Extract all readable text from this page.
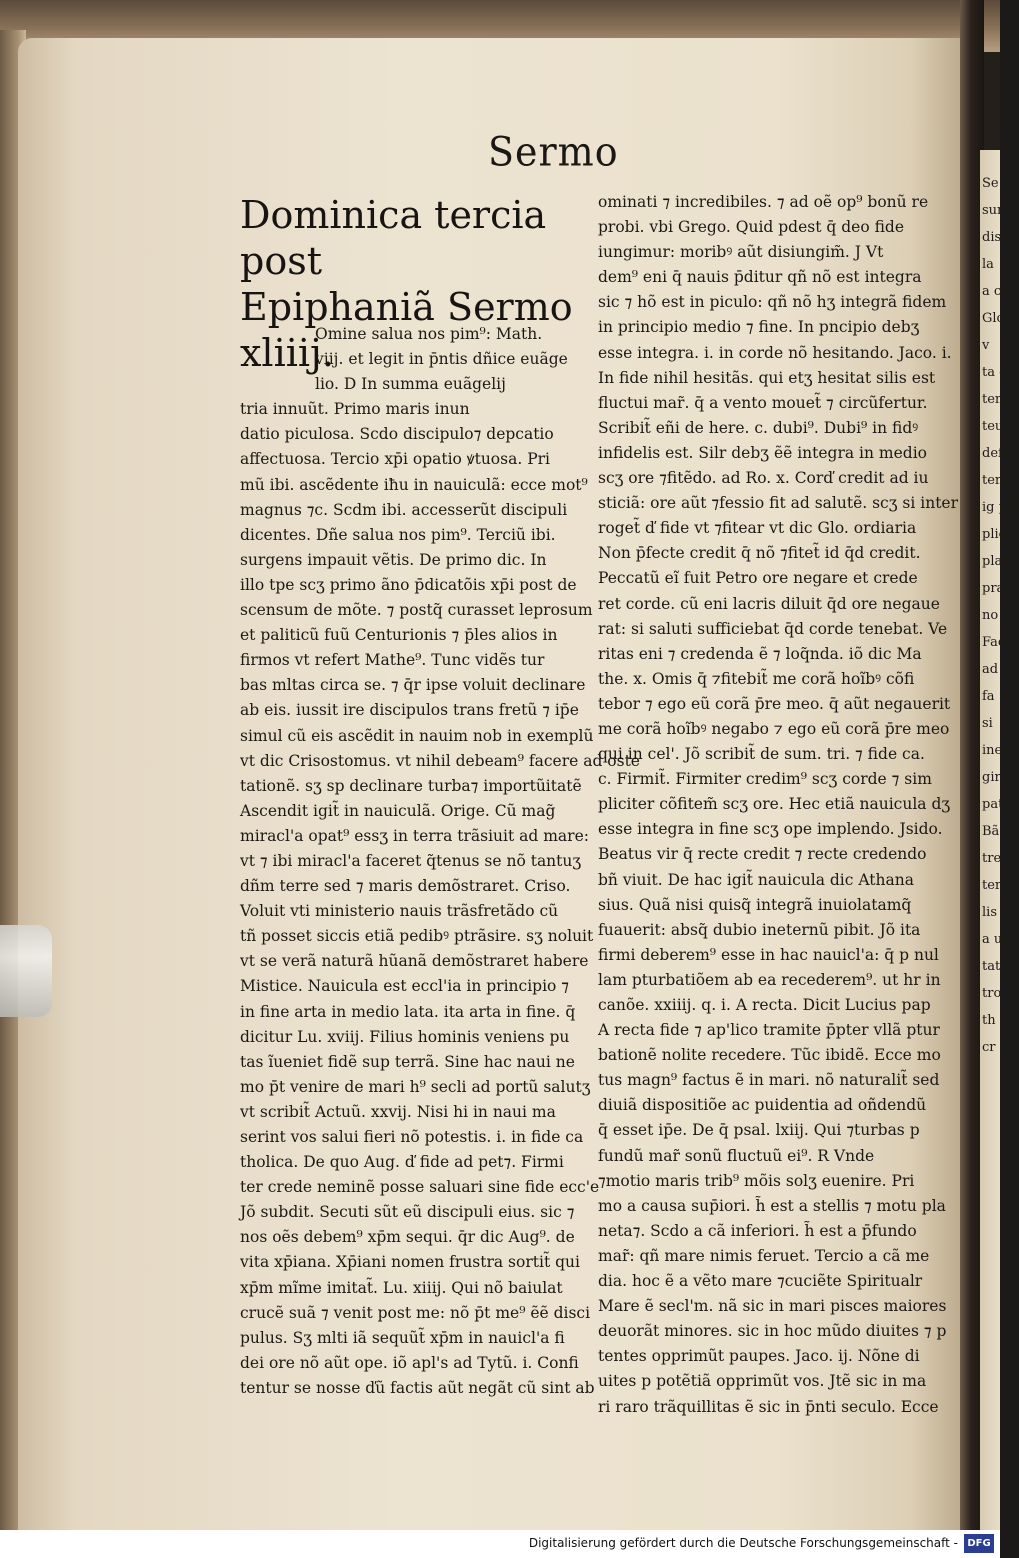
Se
sunt
dis
la
a ca
Glo
v
ta ca
tenc
teu
defo
tent
ig pla
plic
plat
pra
no
Fac
ad
fa
si
ine
gir
pati
Bã
tre
ter
lis
a ut
tat
tro
th
cr
Sermo
Dominica tercia post
Epiphaniã Sermo
xliiij.
Omine salua nos pim⁹: Math.
viij. et legit in p̄ntis dñice euãge
lio. D In summa euãgelij
tria innuũt. Primo maris inun
datio piculosa. Scdo discipulo⁊ depcatio
affectuosa. Tercio xp̄i opatio ꝟtuosa. Pri
mũ ibi. ascẽdente iħu in nauiculã: ecce mot⁹
magnus ⁊c. Scdm ibi. accesserũt discipuli
dicentes. Dñe salua nos pim⁹. Terciũ ibi.
surgens impauit vẽtis. De primo dic. In
illo tpe scʒ primo ãno p̄dicatõis xp̄i post de
scensum de mõte. ⁊ postq̃ curasset leprosum
et paliticũ fuũ Centurionis ⁊ p̄les alios in
firmos vt refert Mathe⁹. Tunc vidẽs tur
bas mltas circa se. ⁊ q̄r ipse voluit declinare
ab eis. iussit ire discipulos trans fretũ ⁊ ip̄e
simul cũ eis ascẽdit in nauim nob in exemplũ
vt dic Crisostomus. vt nihil debeam⁹ facere ad oste
tationẽ. sʒ sp declinare turba⁊ importũitatẽ
Ascendit igit̃ in nauiculã. Orige. Cũ mag̃
miracl'a opat⁹ essʒ in terra trãsiuit ad mare:
vt ⁊ ibi miracl'a faceret q̃tenus se nõ tantuʒ
dñm terre sed ⁊ maris demõstraret. Criso.
Voluit vti ministerio nauis trãsfretãdo cũ
tñ posset siccis etiã pedibꝰ ptrãsire. sʒ noluit
vt se verã naturã hũanã demõstraret habere
Mistice. Nauicula est eccl'ia in principio ⁊
in fine arta in medio lata. ita arta in fine. q̄
dicitur Lu. xviij. Filius hominis veniens pu
tas ĩueniet fidẽ sup terrã. Sine hac naui ne
mo p̄t venire de mari h⁹ secli ad portũ salutʒ
vt scribit̃ Actuũ. xxvij. Nisi hi in naui ma
serint vos salui fieri nõ potestis. i. in fide ca
tholica. De quo Aug. ď fide ad pet⁊. Firmi
ter crede neminẽ posse saluari sine fide ecc'e
Jõ subdit. Secuti sũt eũ discipuli eius. sic ⁊
nos oẽs debem⁹ xp̄m sequi. q̄r dic Aug⁹. de
vita xp̄iana. Xp̄iani nomen frustra sortit̃ qui
xp̄m mĩme imitat̃. Lu. xiiij. Qui nõ baiulat
crucẽ suã ⁊ venit post me: nõ p̄t me⁹ ẽẽ disci
pulus. Sʒ mlti iã sequũt̃ xp̄m in nauicl'a fi
dei ore nõ aũt ope. iõ apl's ad Tytũ. i. Confi
tentur se nosse ďũ factis aũt negãt cũ sint ab
ominati ⁊ incredibiles. ⁊ ad oẽ op⁹ bonũ re
probi. vbi Grego. Quid pdest q̄ deo fide
iungimur: moribꝰ aũt disiungim̃. J Vt
dem⁹ eni q̄ nauis p̄ditur qñ nõ est integra
sic ⁊ hõ est in piculo: qñ nõ hʒ integrã fidem
in principio medio ⁊ fine. In pncipio debʒ
esse integra. i. in corde nõ hesitando. Jaco. i.
In fide nihil hesitãs. qui etʒ hesitat silis est
fluctui mar̃. q̄ a vento mouet̃ ⁊ circũfertur.
Scribit̃ eñi de here. c. dubi⁹. Dubi⁹ in fidꝰ
infidelis est. Silr debʒ ẽẽ integra in medio
scʒ ore ⁊fitẽdo. ad Ro. x. Corď credit ad iu
sticiã: ore aũt ⁊fessio fit ad salutẽ. scʒ si inter
roget̃ ď fide vt ⁊fitear vt dic Glo. ordiaria
Non p̄fecte credit q̄ nõ ⁊fitet̃ id q̄d credit.
Peccatũ eĩ fuit Petro ore negare et crede
ret corde. cũ eni lacris diluit q̄d ore negaue
rat: si saluti sufficiebat q̄d corde tenebat. Ve
ritas eni ⁊ credenda ẽ ⁊ loq̃nda. iõ dic Ma
the. x. Omis q̄ ⁊fitebit̃ me corã hoĩbꝰ cõfi
tebor ⁊ ego eũ corã p̄re meo. q̄ aũt negauerit
me corã hoĩbꝰ negabo ⁊ ego eũ corã p̄re meo
qui in cel'. Jõ scribit̃ de sum. tri. ⁊ fide ca.
c. Firmit̃. Firmiter credim⁹ scʒ corde ⁊ sim
pliciter cõfitem̃ scʒ ore. Hec etiã nauicula dʒ
esse integra in fine scʒ ope implendo. Jsido.
Beatus vir q̄ recte credit ⁊ recte credendo
bñ viuit. De hac igit̃ nauicula dic Athana
sius. Quã nisi quisq̃ integrã inuiolatamq̃
fuauerit: absq̃ dubio ineternũ pibit. Jõ ita
firmi deberem⁹ esse in hac nauicl'a: q̄ p nul
lam pturbatiõem ab ea recederem⁹. ut hr in
canõe. xxiiij. q. i. A recta. Dicit Lucius pap
A recta fide ⁊ ap'lico tramite p̄pter vllã ptur
bationẽ nolite recedere. Tũc ibidẽ. Ecce mo
tus magn⁹ factus ẽ in mari. nõ naturalit̃ sed
diuiã dispositiõe ac puidentia ad oñdendũ
q̄ esset ip̄e. De q̄ psal. lxiij. Qui ⁊turbas p
fundũ mar̃ sonũ fluctuũ ei⁹. R Vnde
⁊motio maris trib⁹ mõis solʒ euenire. Pri
mo a causa sup̄iori. h̃ est a stellis ⁊ motu pla
neta⁊. Scdo a cã inferiori. h̃ est a p̄fundo
mar̃: qñ mare nimis feruet. Tercio a cã me
dia. hoc ẽ a vẽto mare ⁊cuciẽte Spiritualr
Mare ẽ secl'm. nã sic in mari pisces maiores
deuorãt minores. sic in hoc mũdo diuites ⁊ p
tentes opprimũt paupes. Jaco. ij. Nõne di
uites p potẽtiã opprimũt vos. Jtẽ sic in ma
ri raro trãquillitas ẽ sic in p̄nti seculo. Ecce
Digitalisierung gefördert durch die Deutsche Forschungsgemeinschaft - DFG
